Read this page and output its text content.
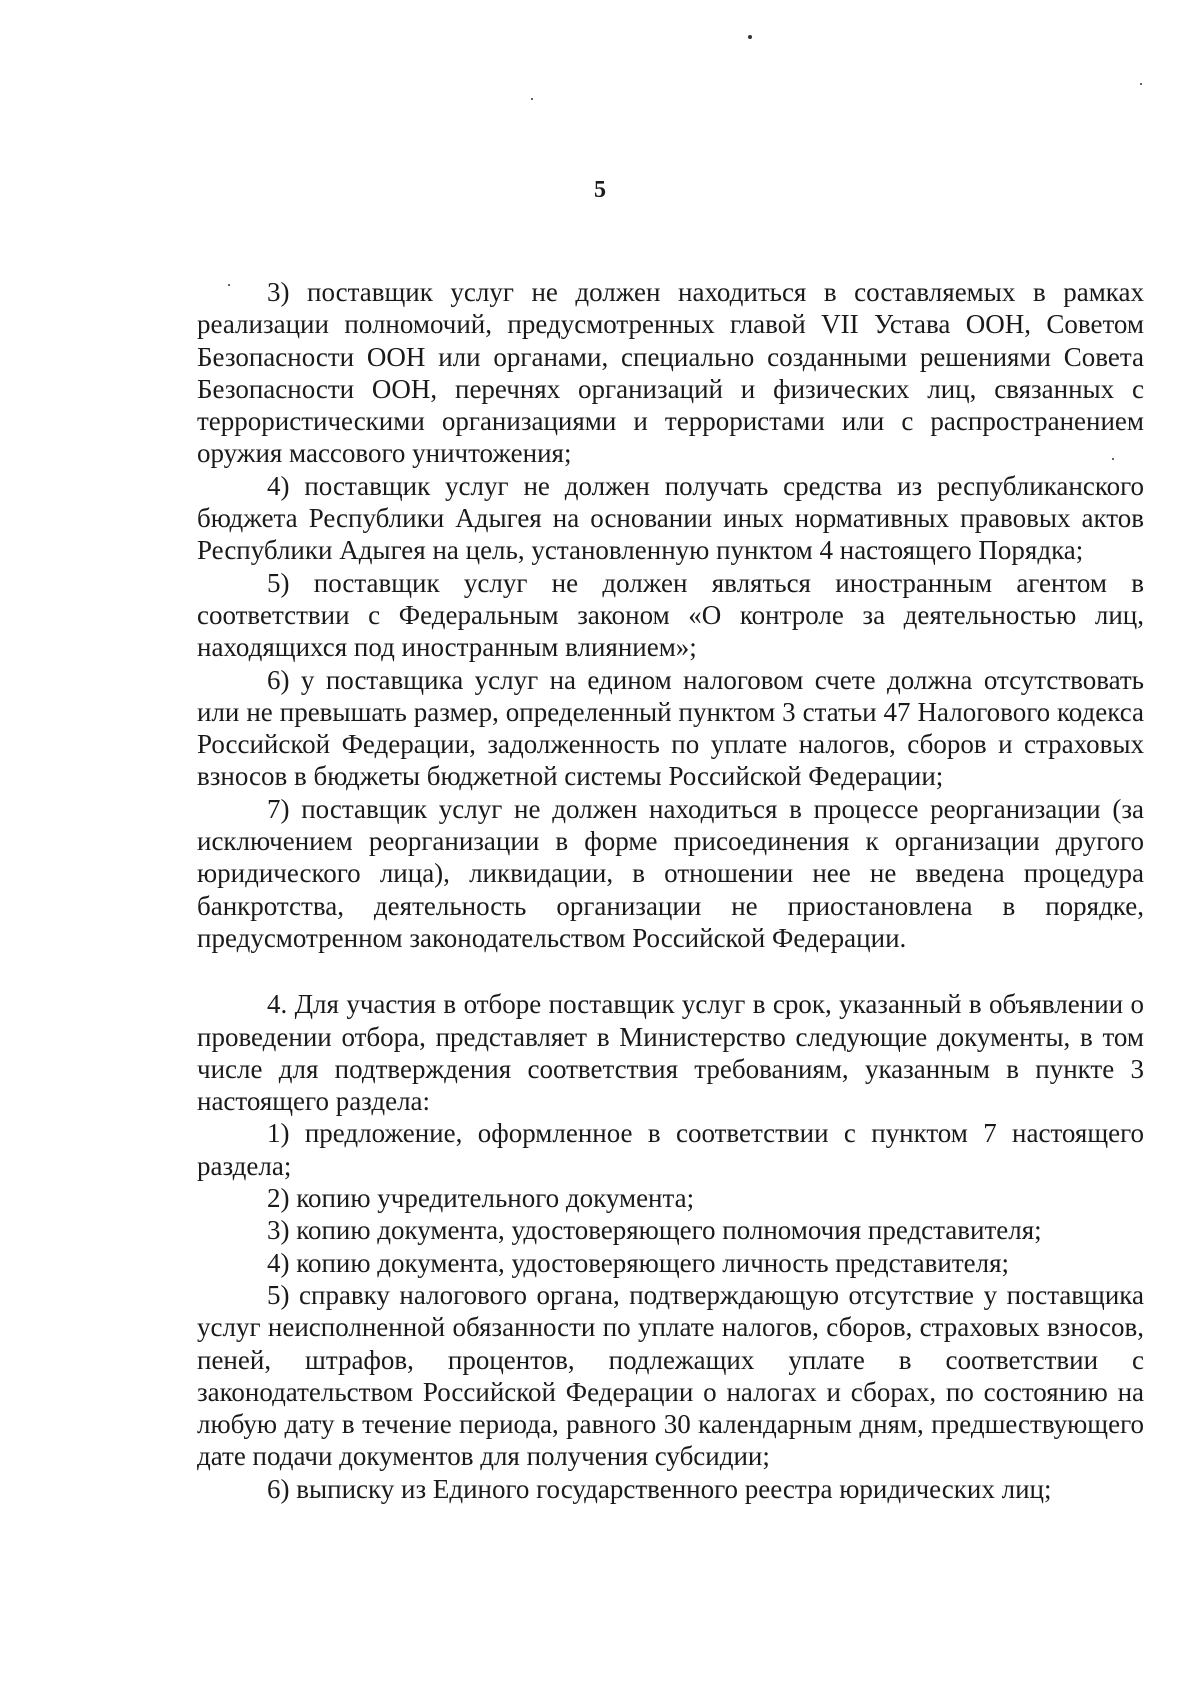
5

3) поставщик услуг не должен находиться в составляемых в рамках реализации полномочий, предусмотренных главой VII Устава ООН, Советом Безопасности ООН или органами, специально созданными решениями Совета Безопасности ООН, перечнях организаций и физических лиц, связанных с террористическими организациями и террористами или с распространением оружия массового уничтожения;

4) поставщик услуг не должен получать средства из республиканского бюджета Республики Адыгея на основании иных нормативных правовых актов Республики Адыгея на цель, установленную пунктом 4 настоящего Порядка;

5) поставщик услуг не должен являться иностранным агентом в соответствии с Федеральным законом «О контроле за деятельностью лиц, находящихся под иностранным влиянием»;

6) у поставщика услуг на едином налоговом счете должна отсутствовать или не превышать размер, определенный пунктом 3 статьи 47 Налогового кодекса Российской Федерации, задолженность по уплате налогов, сборов и страховых взносов в бюджеты бюджетной системы Российской Федерации;

7) поставщик услуг не должен находиться в процессе реорганизации (за исключением реорганизации в форме присоединения к организации другого юридического лица), ликвидации, в отношении нее не введена процедура банкротства, деятельность организации не приостановлена в порядке, предусмотренном законодательством Российской Федерации.

4. Для участия в отборе поставщик услуг в срок, указанный в объявлении о проведении отбора, представляет в Министерство следующие документы, в том числе для подтверждения соответствия требованиям, указанным в пункте 3 настоящего раздела:

1) предложение, оформленное в соответствии с пунктом 7 настоящего раздела;

2) копию учредительного документа;

3) копию документа, удостоверяющего полномочия представителя;

4) копию документа, удостоверяющего личность представителя;

5) справку налогового органа, подтверждающую отсутствие у поставщика услуг неисполненной обязанности по уплате налогов, сборов, страховых взносов, пеней, штрафов, процентов, подлежащих уплате в соответствии с законодательством Российской Федерации о налогах и сборах, по состоянию на любую дату в течение периода, равного 30 календарным дням, предшествующего дате подачи документов для получения субсидии;

6) выписку из Единого государственного реестра юридических лиц;
